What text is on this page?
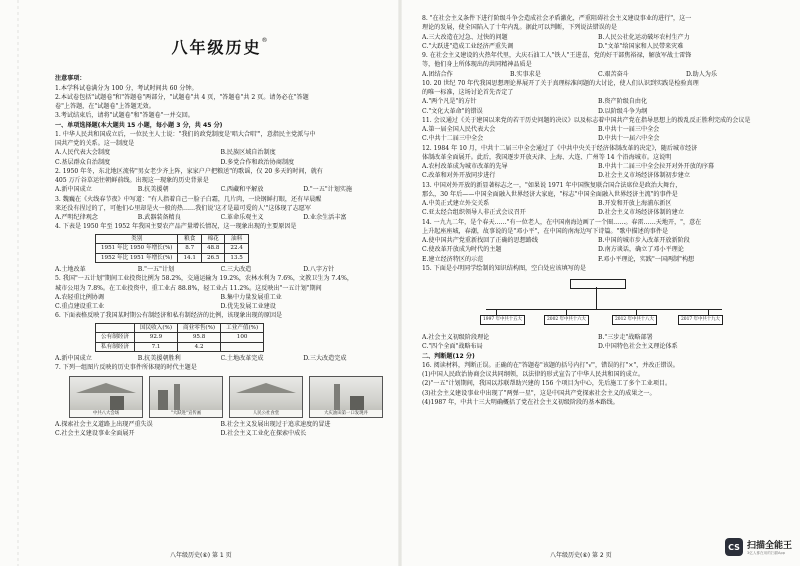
八年级历史®

注意事项：

1.本学科试卷满分为 100 分，考试时间共 60 分钟。

2.本试卷包括"试题卷"和"答题卷"两部分，"试题卷"共 4 页，"答题卷"共 2 页。请务必在"答题

卷"上答题，在"试题卷"上答题无效。

3.考试结束后，请将"试题卷"和"答题卷"一并交回。

一、单项选择题(本大题共 15 小题，每小题 3 分，共 45 分)

1. 中华人民共和国成立后，一位民主人士说："我们的政党制度是'唱大合唱'"，意指民主党派与中

国共产党的关系。这一制度是

A.人民代表大会制度	B.民族区域自治制度
C.基层群众自治制度	D.多党合作和政治协商制度

2. 1950 年冬，东北地区流传"男女老少齐上阵，家家户户把粮送"的歌谣，仅 20 多天的时间，就有

405 万斤谷草运往朝鲜前线。出现这一现象的历史背景是

A.新中国成立	B.抗美援朝	C.西藏和平解放	D."一五"计划实施

3. 魏巍在《火线春节夜》中写道："有人指着自己一脸子白霜，几片肉，一块钢鲜打眼，还有早晨醒

来还没有捏过的了，可他们心里却是火一般的热……我们说'这才是最可爱的人'"这体现了志愿军

A.严明纪律观念	B.武器装备精良	C.革命乐观主义	D.业余生活丰富

4. 下表是 1950 年至 1952 年我国主要农产品产量增长情况，这一现象出现的主要原因是

类别	粮食	棉花	油料
1951 年比 1950 年增长(%)	8.7	48.8	22.4
1952 年比 1951 年增长(%)	14.1	26.5	13.5
A.土地改革	B."一五"计划	C.三大改造	D.八字方针

5. 我国"一五计划"期间工业投资比例为 58.2%，交通运输为 19.2%，农林水利为 7.6%，文教卫生为 7.4%，

城市公用为 7.8%。在工业投资中，重工业占 88.8%，轻工业占 11.2%。这反映出"一五计划"期间

A.农轻重比例协调	B.集中力量发展重工业
C.重点建设重工业	D.优先发展工业建设

6. 下面表格反映了我国某时期公有制经济和私有制经济的比例，该现象出现的原因是

	国民收入(%)	商业零售(%)	工业产值(%)
公有制经济	92.9	95.8	100
私有制经济	7.1	4.2	
A.新中国成立	B.抗美援朝胜利	C.土地改革完成	D.三大改造完成

7. 下列一组图片反映的历史事件所体现的时代主题是

中共八大会场	"大跃进"宣传画	人民公社食堂	大庆油田第一口发现井
A.探索社会主义道路上出现严重失误	B.社会主义发展出现过于追求速度的冒进
C.社会主义建设事业全面展开	D.社会主义工业化在探索中成长
八年级历史(⑥) 第 1 页

8. "在社会主义条件下进行阶级斗争会造成社会矛盾激化，严重阻碍社会主义建设事业的进行"，这一

理论的发展，使全国陷入了十年内乱。据此可以判断，下列说法错误的是

A.三大改造在过急、过快的问题	B.人民公社化运动破坏农村生产力
C."大跃进"造成工业经济严重失调	D."文革"给国家和人民带来灾难

9. 在社会主义建设的火热年代里，大庆石油工人"铁人"王进喜，党的好干部焦裕禄，解放军战士雷锋

等，他们身上所体现出的共同精神品质是

A.团结合作	B.实事求是	C.艰苦奋斗	D.助人为乐

10. 20 世纪 70 年代我国思想理论界展开了关于真理标准问题的大讨论，使人们认识到实践是检验真理

的唯一标准，这场讨论首先否定了

A."两个凡是"的方针	B.资产阶级自由化
C."文化大革命"的错误	D.以阶级斗争为纲

11. 会议通过《关于建国以来党的若干历史问题的决议》以及标志着中国共产党在指导思想上的拨乱反正胜利完成的会议是

A.第一届全国人民代表大会	B.中共十一届三中全会
C.中共十二届三中全会	D.中共十一届六中全会

12. 1984 年 10 月，中共十二届三中全会通过了《中共中央关于经济体制改革的决定》，随后城市经济

体制改革全面展开。此后，我国逐步开放天津、上海、大连、广州等 14 个沿海城市。这说明

A.农村改革成为城市改革的先导	B.中共十二届三中全会拉开对外开放的序幕
C.改革和对外开放同步进行	D.社会主义市场经济体制初步建立

13. 中国对外开放的新显著标志之一，"如果说 1971 年中国恢复联合国合法席位是政治大舞台，

那么，30 年后——中国全面融入世界经济大家庭，"标志"中国全面融入世界经济主流"的事件是

A.中美正式建立外交关系	B.开发和开放上海浦东新区
C.亚太经合组织领导人非正式会议召开	D.社会主义市场经济体制的建立

14. 一九九二年，是个春天……"有一位老人，在中国南海边画了一个圈……。春雷……天地开，"，意在

上升起座座城，春潮，故事说的是"邓小平"，在中国的南海边写下诗篇。"歌中描述的事件是

A.使中国共产党重新找回了正确的思想路线	B.中国的城市步入改革开放新阶段
C.使改革开放成为时代的主题	D.南方谈话，确立了邓小平理论
E.建立经济特区的示范	F.邓小平理论，实践"一国两制"构想

15. 下面是小明同学绘制的知识结构图，空白处应该填写的是

1997 年中共十五大	2002 年中共十六大	2012 年中共十八大	2017 年中共十九大
A.社会主义初级阶段理论	B."三步走"战略部署
C."四个全面"战略布局	D.中国特色社会主义理论体系

二、判断题(12 分)

16. 阅读材料，判断正误。正确的在"答题卷"该题的括号内打"√"，错误的打"×"，并改正错误。

(1)中国人民政治协商会议共同纲领，以法律的形式宣告了中华人民共和国的成立。

(2)"一五"计划期间，我国以苏联帮助兴建的 156 个项目为中心，先后施工了多个工业项目。

(3)社会主义建设事业中出现了"两弹一星"，这是中国共产党探索社会主义的成果之一。

(4)1987 年，中共十三大明确概括了党在社会主义初级阶段的基本路线。

八年级历史(⑥) 第 2 页
CS 扫描全能王
3亿人都在用的扫描App
